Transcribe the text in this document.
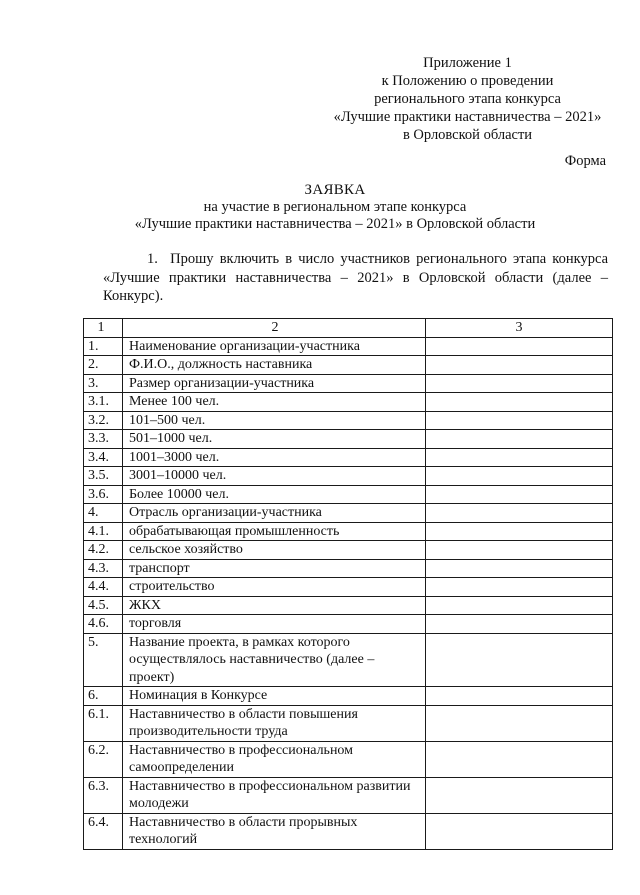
Приложение 1
к Положению о проведении
регионального этапа конкурса
«Лучшие практики наставничества – 2021»
в Орловской области
Форма
ЗАЯВКА
на участие в региональном этапе конкурса
«Лучшие практики наставничества – 2021» в Орловской области
1. Прошу включить в число участников регионального этапа конкурса «Лучшие практики наставничества – 2021» в Орловской области (далее – Конкурс).
1	2	3
1.	Наименование организации-участника	
2.	Ф.И.О., должность наставника	
3.	Размер организации-участника	
3.1.	Менее 100 чел.	
3.2.	101–500 чел.	
3.3.	501–1000 чел.	
3.4.	1001–3000 чел.	
3.5.	3001–10000 чел.	
3.6.	Более 10000 чел.	
4.	Отрасль организации-участника	
4.1.	обрабатывающая промышленность	
4.2.	сельское хозяйство	
4.3.	транспорт	
4.4.	строительство	
4.5.	ЖКХ	
4.6.	торговля	
5.	Название проекта, в рамках которого осуществлялось наставничество (далее – проект)	
6.	Номинация в Конкурсе	
6.1.	Наставничество в области повышения производительности труда	
6.2.	Наставничество в профессиональном самоопределении	
6.3.	Наставничество в профессиональном развитии молодежи	
6.4.	Наставничество в области прорывных технологий	
